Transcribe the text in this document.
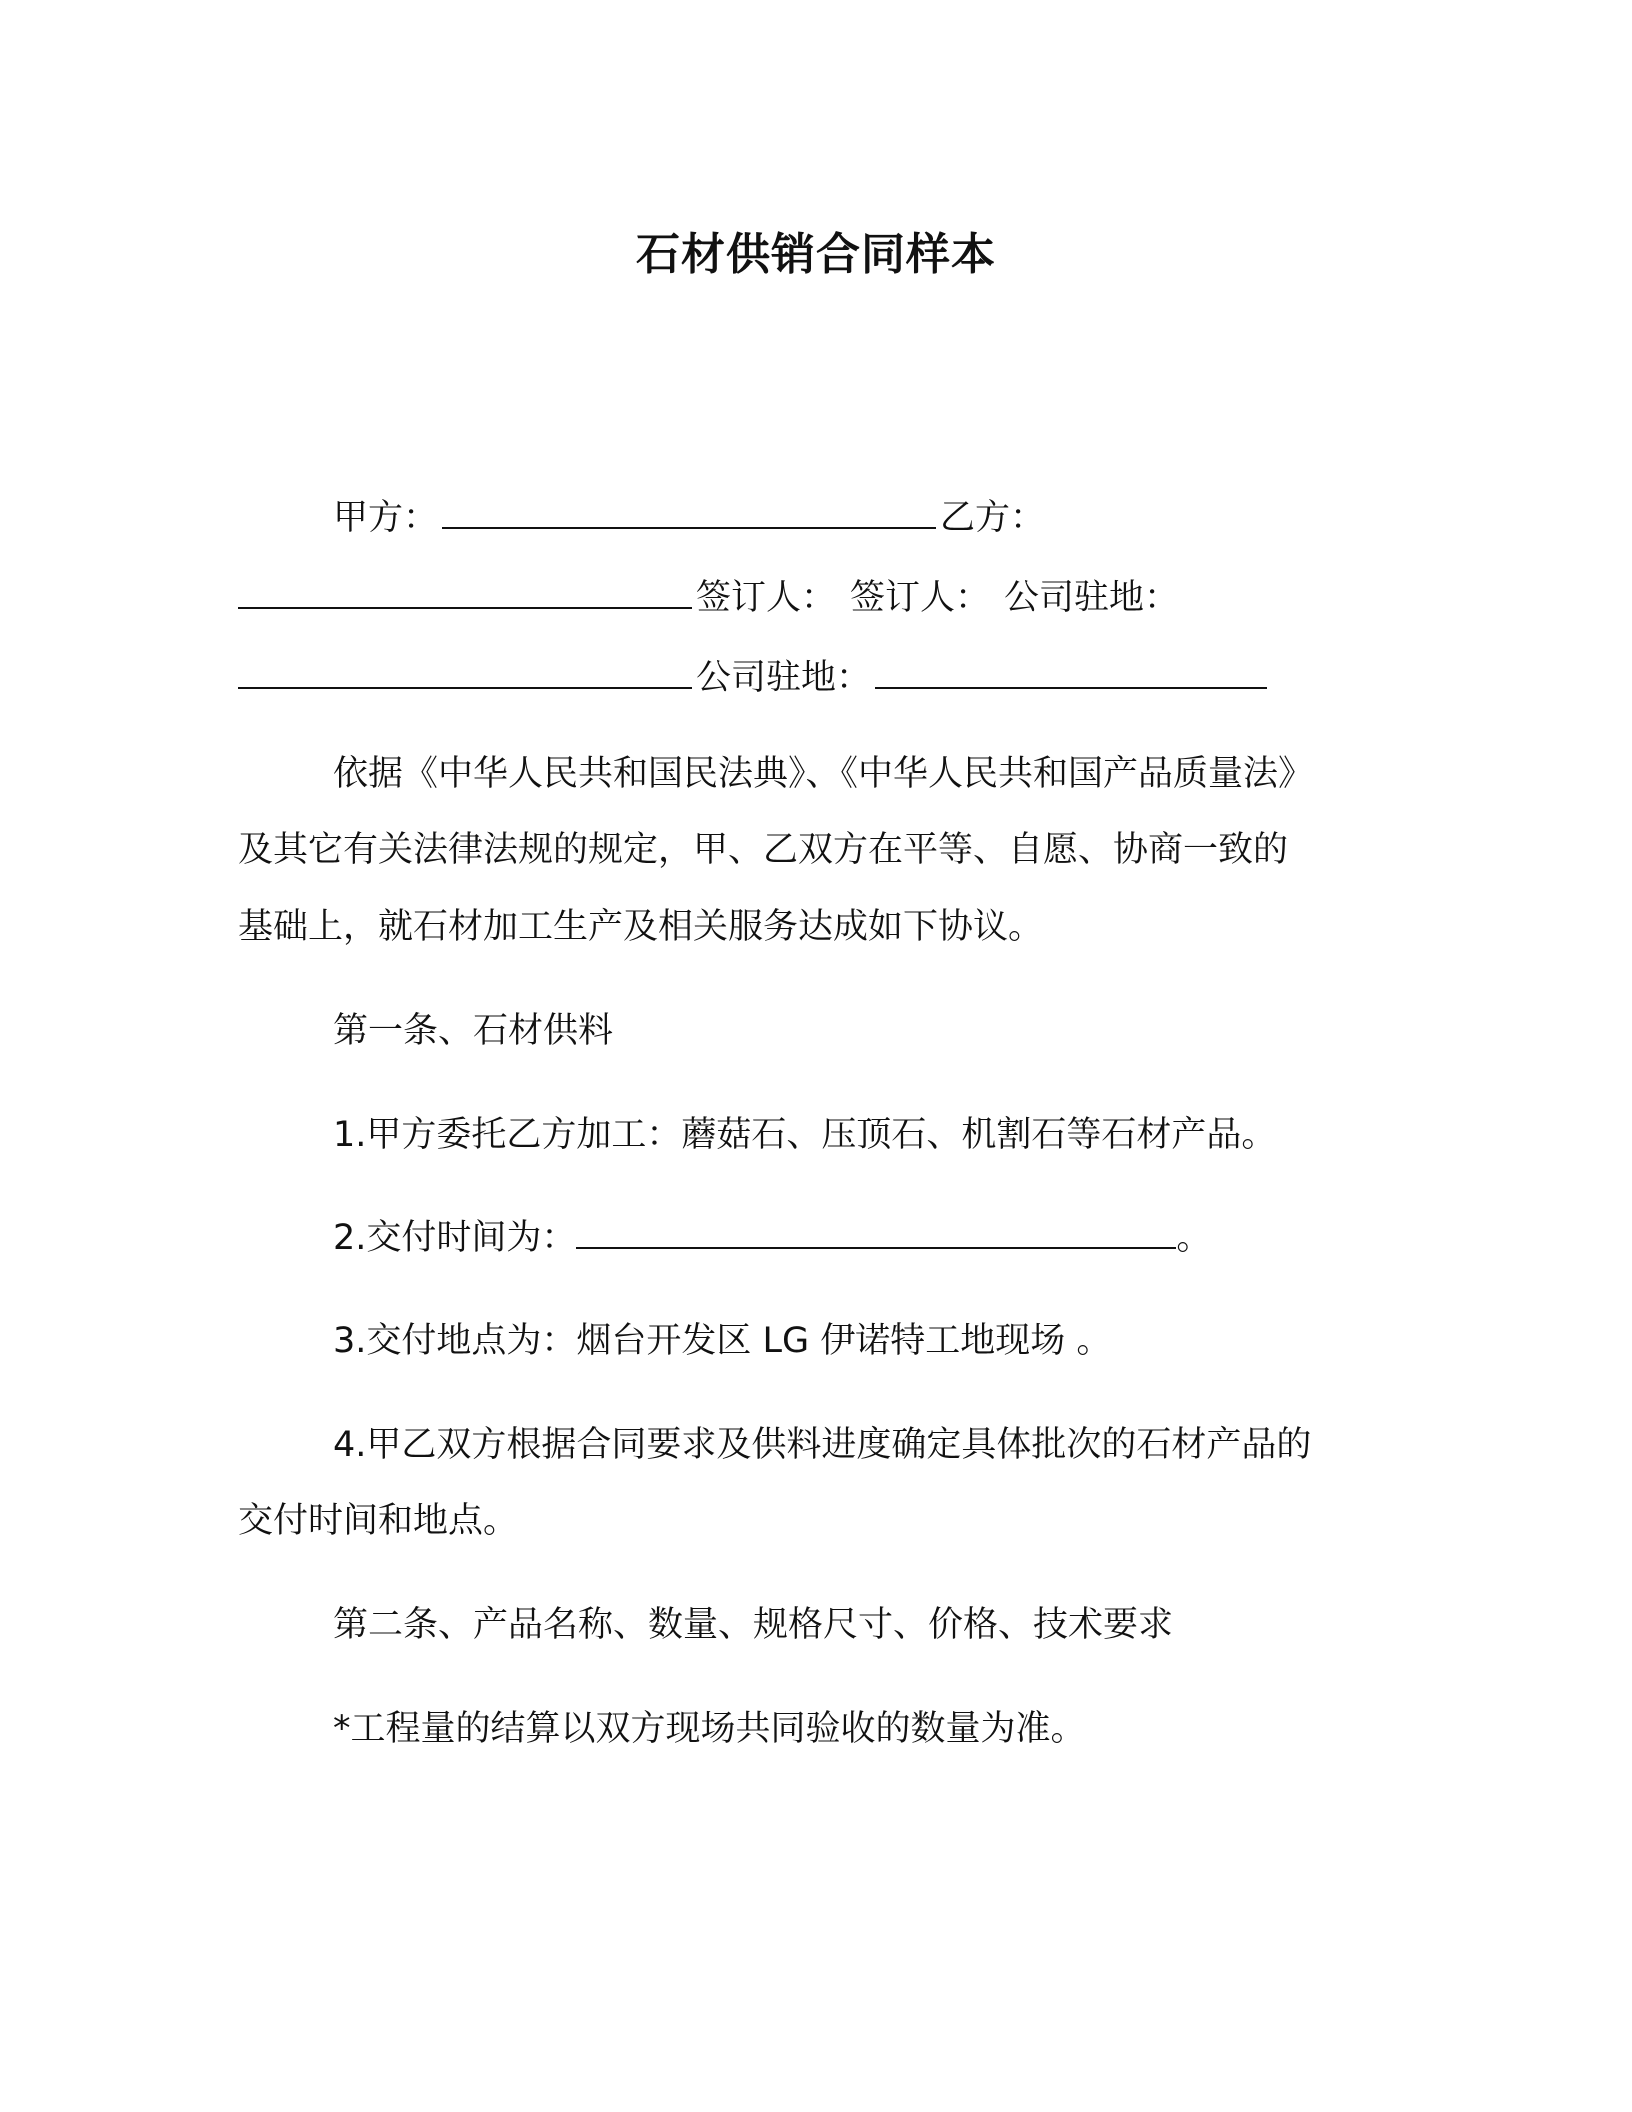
石材供销合同样本
甲方：	乙方：
签订人： 签订人： 公司驻地：
公司驻地：
依据《中华人民共和国民法典》、《中华人民共和国产品质量法》
及其它有关法律法规的规定，甲、乙双方在平等、自愿、协商一致的
基础上，就石材加工生产及相关服务达成如下协议。
第一条、石材供料
1.甲方委托乙方加工：蘑菇石、压顶石、机割石等石材产品。
2.交付时间为：	。
3.交付地点为：烟台开发区 LG 伊诺特工地现场 。
4.甲乙双方根据合同要求及供料进度确定具体批次的石材产品的
交付时间和地点。
第二条、产品名称、数量、规格尺寸、价格、技术要求
*工程量的结算以双方现场共同验收的数量为准。
